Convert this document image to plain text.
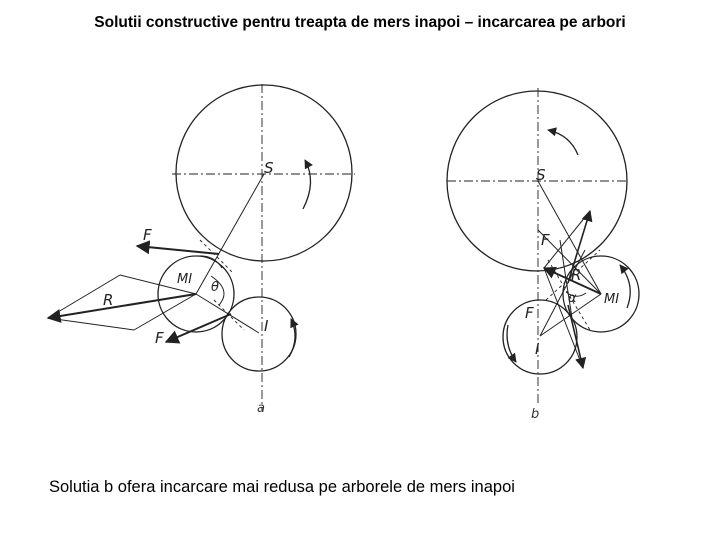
Solutii constructive pentru treapta de mers inapoi – incarcarea pe arbori
S
MI
I
F
F
R
θ
a
S
MI
I
F
F
R
α
b
Solutia b ofera incarcare mai redusa pe arborele de mers inapoi
